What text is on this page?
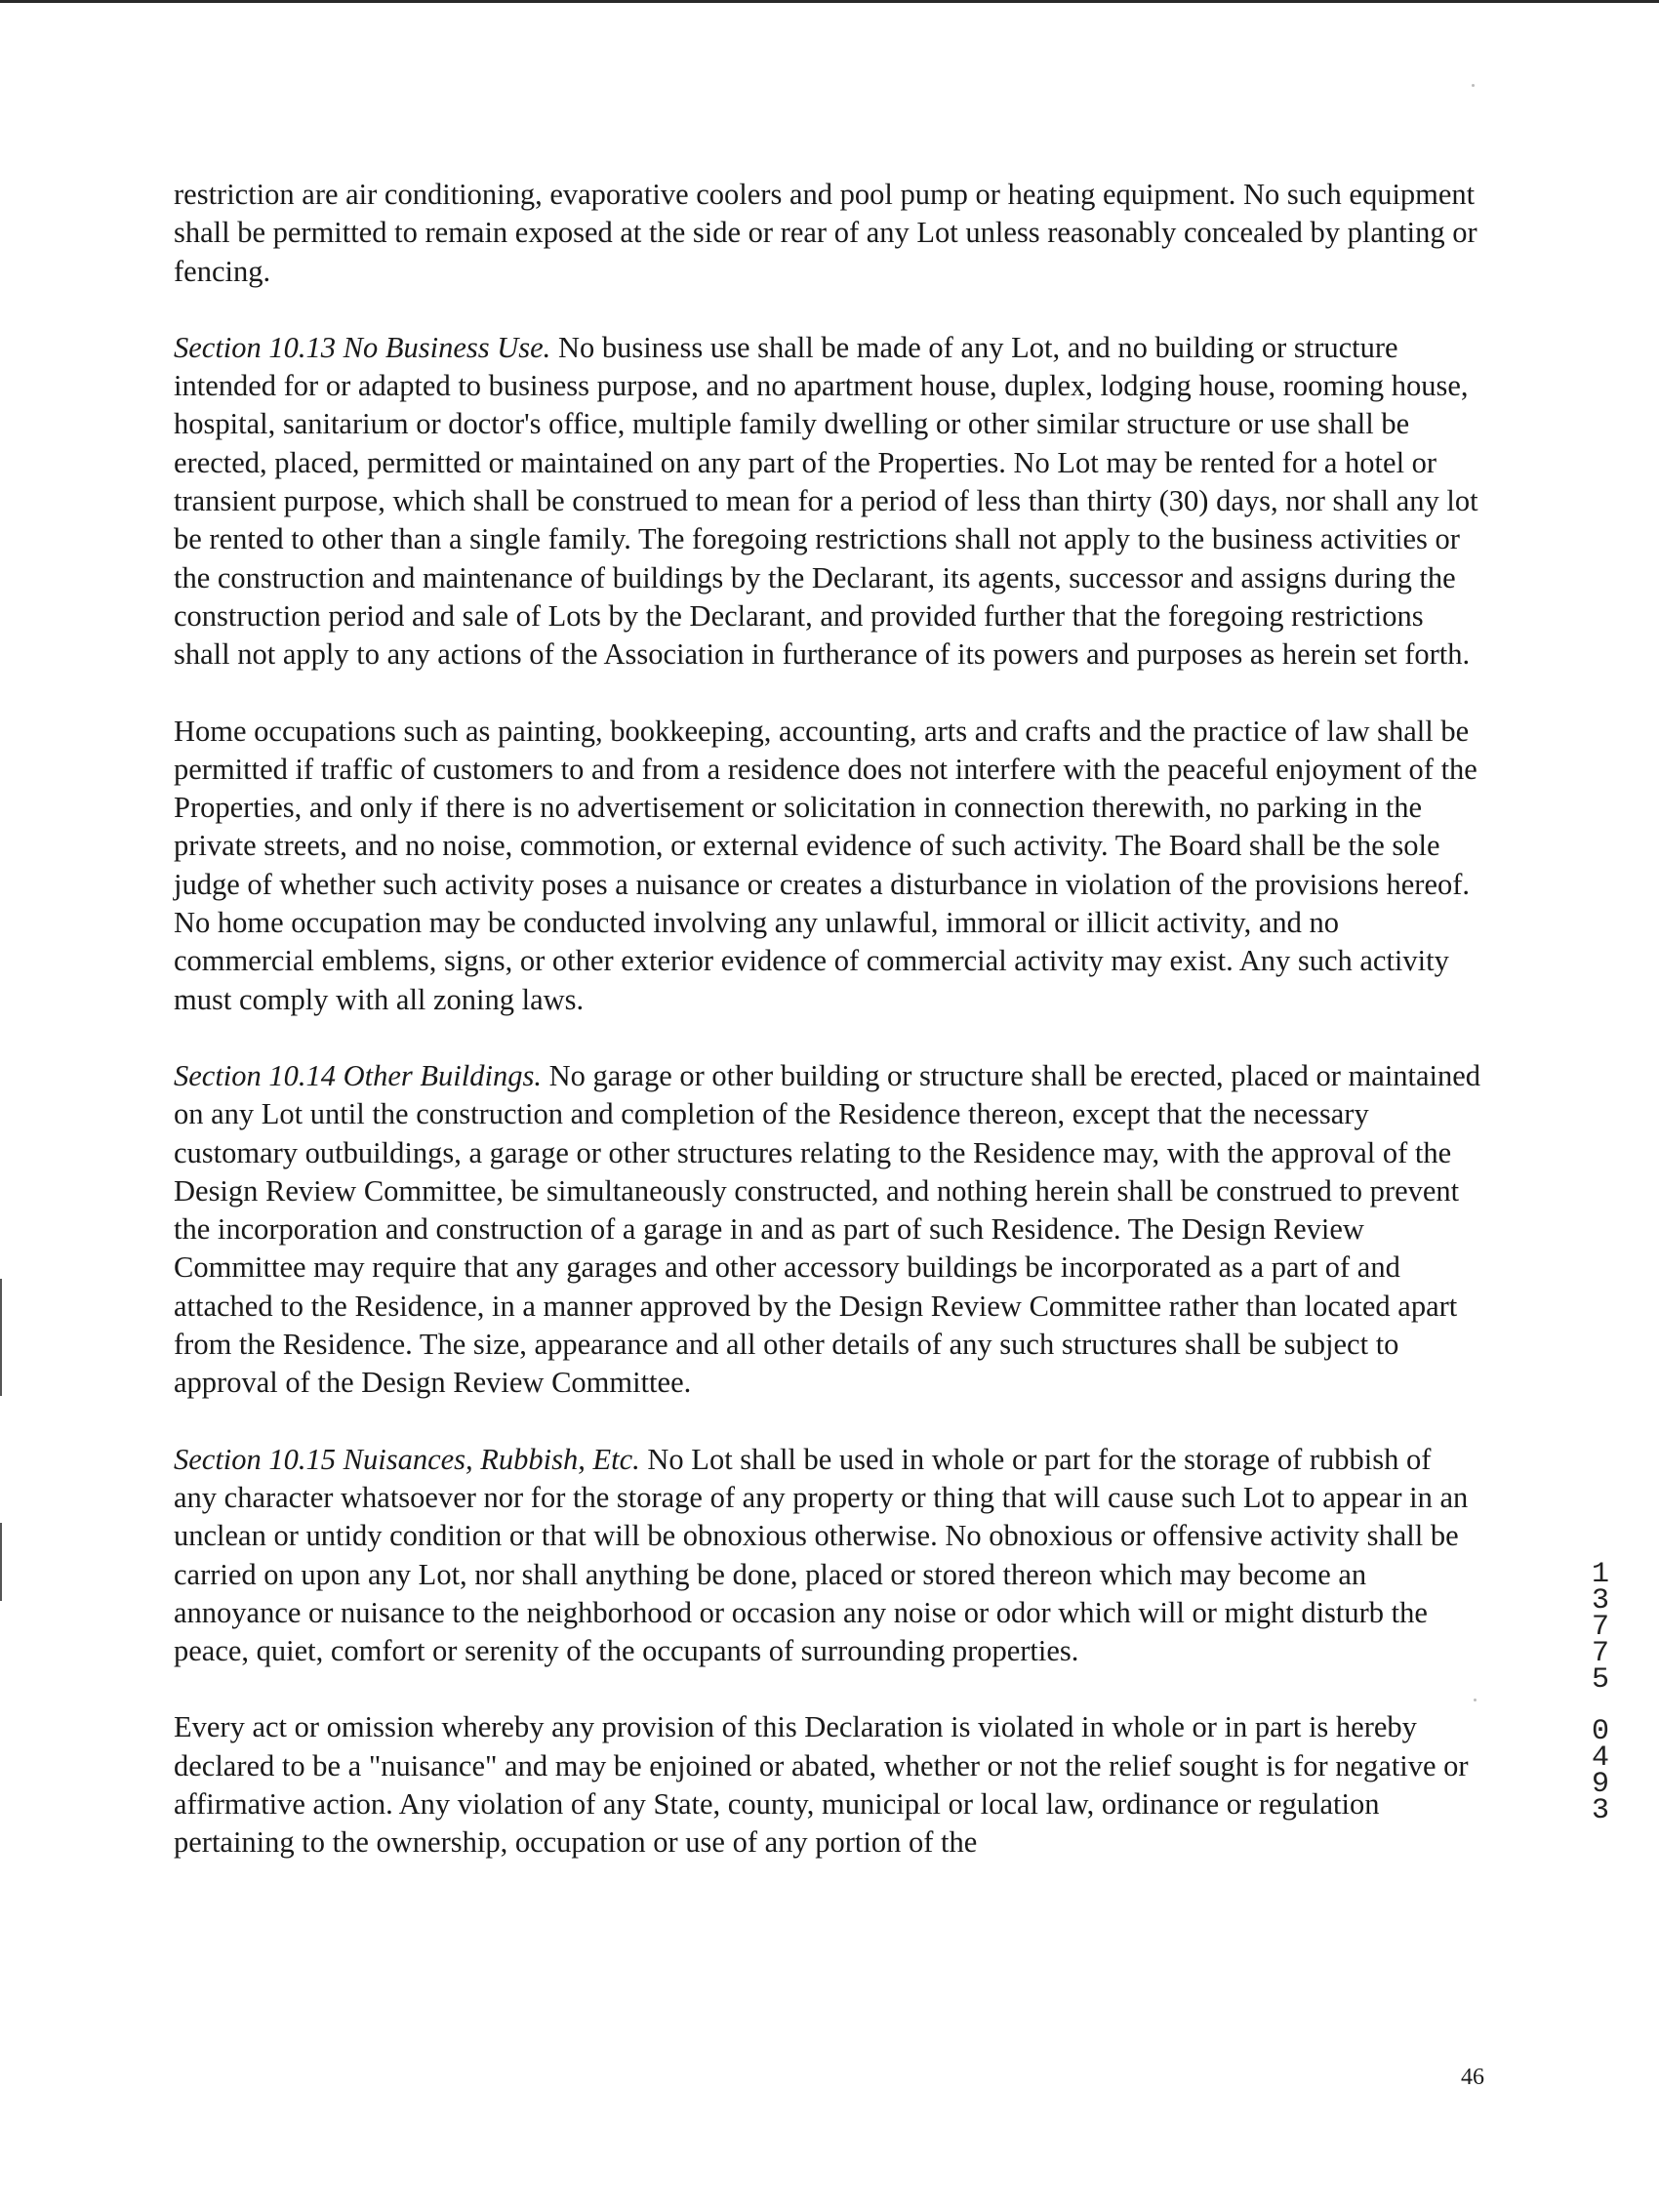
restriction are air conditioning, evaporative coolers and pool pump or heating equipment. No such equipment shall be permitted to remain exposed at the side or rear of any Lot unless reasonably concealed by planting or fencing.

Section 10.13 No Business Use. No business use shall be made of any Lot, and no building or structure intended for or adapted to business purpose, and no apartment house, duplex, lodging house, rooming house, hospital, sanitarium or doctor's office, multiple family dwelling or other similar structure or use shall be erected, placed, permitted or maintained on any part of the Properties. No Lot may be rented for a hotel or transient purpose, which shall be construed to mean for a period of less than thirty (30) days, nor shall any lot be rented to other than a single family. The foregoing restrictions shall not apply to the business activities or the construction and maintenance of buildings by the Declarant, its agents, successor and assigns during the construction period and sale of Lots by the Declarant, and provided further that the foregoing restrictions shall not apply to any actions of the Association in furtherance of its powers and purposes as herein set forth.

Home occupations such as painting, bookkeeping, accounting, arts and crafts and the practice of law shall be permitted if traffic of customers to and from a residence does not interfere with the peaceful enjoyment of the Properties, and only if there is no advertisement or solicitation in connection therewith, no parking in the private streets, and no noise, commotion, or external evidence of such activity. The Board shall be the sole judge of whether such activity poses a nuisance or creates a disturbance in violation of the provisions hereof. No home occupation may be conducted involving any unlawful, immoral or illicit activity, and no commercial emblems, signs, or other exterior evidence of commercial activity may exist. Any such activity must comply with all zoning laws.

Section 10.14 Other Buildings. No garage or other building or structure shall be erected, placed or maintained on any Lot until the construction and completion of the Residence thereon, except that the necessary customary outbuildings, a garage or other structures relating to the Residence may, with the approval of the Design Review Committee, be simultaneously constructed, and nothing herein shall be construed to prevent the incorporation and construction of a garage in and as part of such Residence. The Design Review Committee may require that any garages and other accessory buildings be incorporated as a part of and attached to the Residence, in a manner approved by the Design Review Committee rather than located apart from the Residence. The size, appearance and all other details of any such structures shall be subject to approval of the Design Review Committee.

Section 10.15 Nuisances, Rubbish, Etc. No Lot shall be used in whole or part for the storage of rubbish of any character whatsoever nor for the storage of any property or thing that will cause such Lot to appear in an unclean or untidy condition or that will be obnoxious otherwise. No obnoxious or offensive activity shall be carried on upon any Lot, nor shall anything be done, placed or stored thereon which may become an annoyance or nuisance to the neighborhood or occasion any noise or odor which will or might disturb the peace, quiet, comfort or serenity of the occupants of surrounding properties.

Every act or omission whereby any provision of this Declaration is violated in whole or in part is hereby declared to be a "nuisance" and may be enjoined or abated, whether or not the relief sought is for negative or affirmative action. Any violation of any State, county, municipal or local law, ordinance or regulation pertaining to the ownership, occupation or use of any portion of the

13775
0493
46
